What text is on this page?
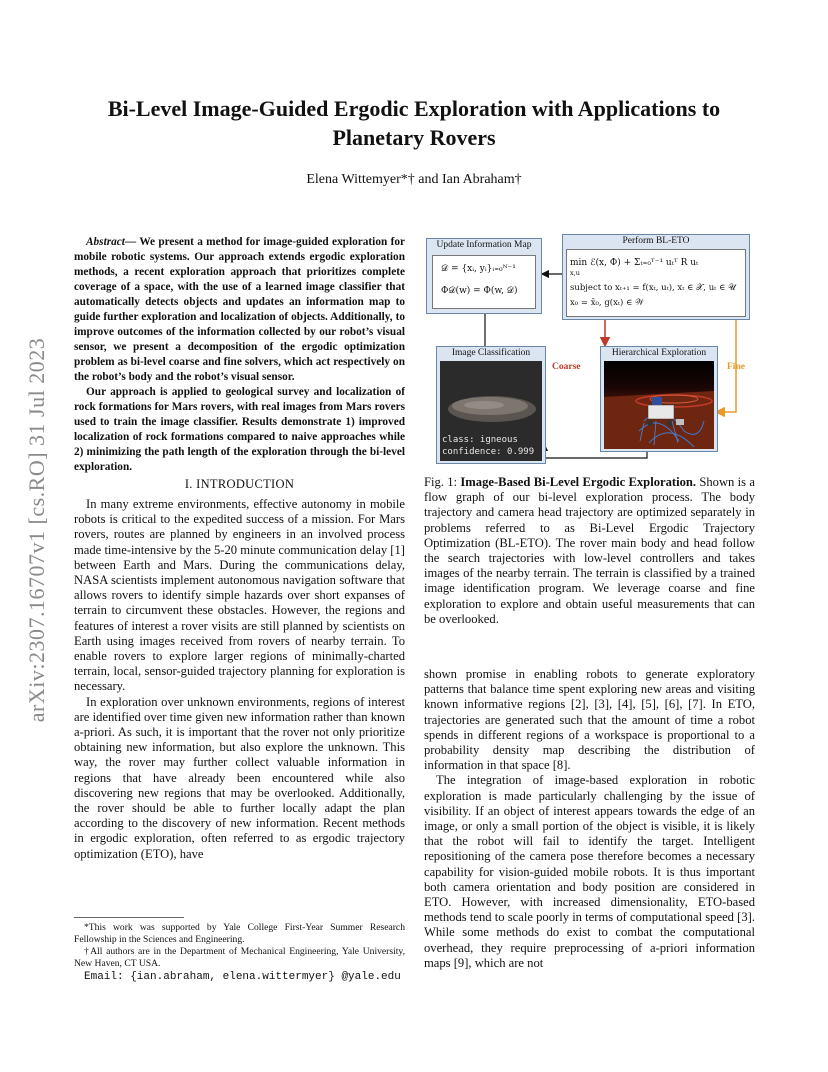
arXiv:2307.16707v1 [cs.RO] 31 Jul 2023
Bi-Level Image-Guided Ergodic Exploration with Applications to Planetary Rovers
Elena Wittemyer*† and Ian Abraham†

Abstract— We present a method for image-guided exploration for mobile robotic systems. Our approach extends ergodic exploration methods, a recent exploration approach that prioritizes complete coverage of a space, with the use of a learned image classifier that automatically detects objects and updates an information map to guide further exploration and localization of objects. Additionally, to improve outcomes of the information collected by our robot’s visual sensor, we present a decomposition of the ergodic optimization problem as bi-level coarse and fine solvers, which act respectively on the robot’s body and the robot’s visual sensor.

Our approach is applied to geological survey and localization of rock formations for Mars rovers, with real images from Mars rovers used to train the image classifier. Results demonstrate 1) improved localization of rock formations compared to naive approaches while 2) minimizing the path length of the exploration through the bi-level exploration.

I. INTRODUCTION

In many extreme environments, effective autonomy in mobile robots is critical to the expedited success of a mission. For Mars rovers, routes are planned by engineers in an involved process made time-intensive by the 5-20 minute communication delay [1] between Earth and Mars. During the communications delay, NASA scientists implement autonomous navigation software that allows rovers to identify simple hazards over short expanses of terrain to circumvent these obstacles. However, the regions and features of interest a rover visits are still planned by scientists on Earth using images received from rovers of nearby terrain. To enable rovers to explore larger regions of minimally-charted terrain, local, sensor-guided trajectory planning for exploration is necessary.

In exploration over unknown environments, regions of interest are identified over time given new information rather than known a-priori. As such, it is important that the rover not only prioritize obtaining new information, but also explore the unknown. This way, the rover may further collect valuable information in regions that have already been encountered while also discovering new regions that may be overlooked. Additionally, the rover should be able to further locally adapt the plan according to the discovery of new information. Recent methods in ergodic exploration, often referred to as ergodic trajectory optimization (ETO), have

*This work was supported by Yale College First-Year Summer Research Fellowship in the Sciences and Engineering.

†All authors are in the Department of Mechanical Engineering, Yale University, New Haven, CT USA.

Email: {ian.abraham, elena.wittermyer} @yale.edu

Update Information Map
𝒟 = {xᵢ, yᵢ}ᵢ₌₀ᴺ⁻¹
Φ𝒟(w) = Φ(w, 𝒟)
Perform BL-ETO
min ℰ(x, Φ) + Σₜ₌₀ᵀ⁻¹ uₜᵀ R uₜ
x,u
subject to xₜ₊₁ = f(xₜ, uₜ), xₜ ∈ 𝒳, uₜ ∈ 𝒰
x₀ = x̄₀, g(xₜ) ∈ 𝒲
Image Classification
class: igneous
confidence: 0.999
Hierarchical Exploration
Coarse	Fine
Fig. 1: Image-Based Bi-Level Ergodic Exploration. Shown is a flow graph of our bi-level exploration process. The body trajectory and camera head trajectory are optimized separately in problems referred to as Bi-Level Ergodic Trajectory Optimization (BL-ETO). The rover main body and head follow the search trajectories with low-level controllers and takes images of the nearby terrain. The terrain is classified by a trained image identification program. We leverage coarse and fine exploration to explore and obtain useful measurements that can be overlooked.

shown promise in enabling robots to generate exploratory patterns that balance time spent exploring new areas and visiting known informative regions [2], [3], [4], [5], [6], [7]. In ETO, trajectories are generated such that the amount of time a robot spends in different regions of a workspace is proportional to a probability density map describing the distribution of information in that space [8].

The integration of image-based exploration in robotic exploration is made particularly challenging by the issue of visibility. If an object of interest appears towards the edge of an image, or only a small portion of the object is visible, it is likely that the robot will fail to identify the target. Intelligent repositioning of the camera pose therefore becomes a necessary capability for vision-guided mobile robots. It is thus important both camera orientation and body position are considered in ETO. However, with increased dimensionality, ETO-based methods tend to scale poorly in terms of computational speed [3]. While some methods do exist to combat the computational overhead, they require preprocessing of a-priori information maps [9], which are not
